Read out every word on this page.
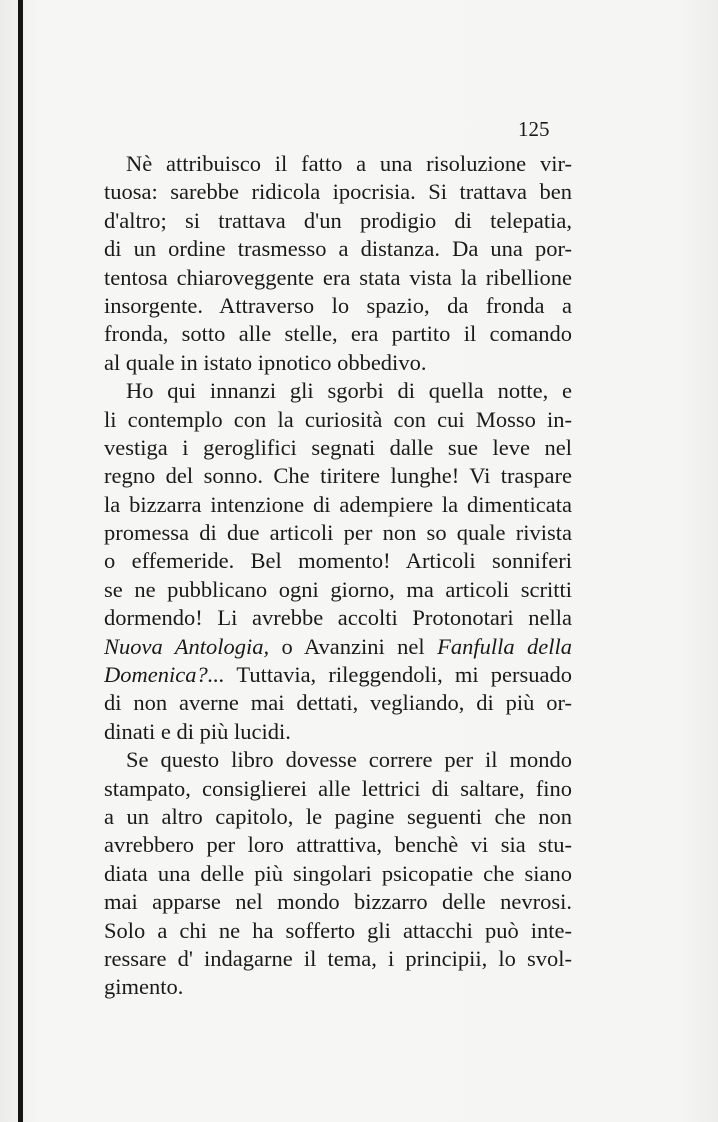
125
Nè attribuisco il fatto a una risoluzione vir-
tuosa: sarebbe ridicola ipocrisia. Si trattava ben
d'altro; si trattava d'un prodigio di telepatia,
di un ordine trasmesso a distanza. Da una por-
tentosa chiaroveggente era stata vista la ribellione
insorgente. Attraverso lo spazio, da fronda a
fronda, sotto alle stelle, era partito il comando
al quale in istato ipnotico obbedivo.
Ho qui innanzi gli sgorbi di quella notte, e
li contemplo con la curiosità con cui Mosso in-
vestiga i geroglifici segnati dalle sue leve nel
regno del sonno. Che tiritere lunghe! Vi traspare
la bizzarra intenzione di adempiere la dimenticata
promessa di due articoli per non so quale rivista
o effemeride. Bel momento! Articoli sonniferi
se ne pubblicano ogni giorno, ma articoli scritti
dormendo! Li avrebbe accolti Protonotari nella
Nuova Antologia, o Avanzini nel Fanfulla della
Domenica?... Tuttavia, rileggendoli, mi persuado
di non averne mai dettati, vegliando, di più or-
dinati e di più lucidi.
Se questo libro dovesse correre per il mondo
stampato, consiglierei alle lettrici di saltare, fino
a un altro capitolo, le pagine seguenti che non
avrebbero per loro attrattiva, benchè vi sia stu-
diata una delle più singolari psicopatie che siano
mai apparse nel mondo bizzarro delle nevrosi.
Solo a chi ne ha sofferto gli attacchi può inte-
ressare d' indagarne il tema, i principii, lo svol-
gimento.
